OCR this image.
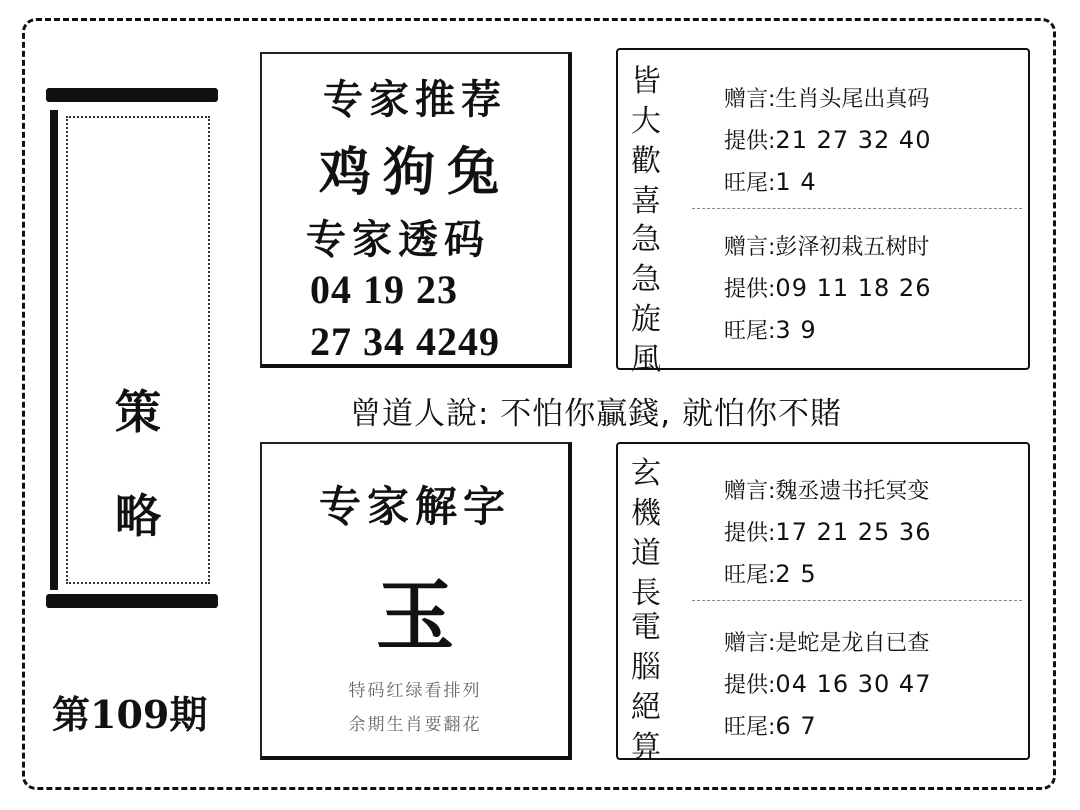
策
略
第109期
专家推荐
鸡狗兔
专家透码
04 19 23
27 34 4249
曾道人說: 不怕你贏錢, 就怕你不賭
专家解字
玉
特码红绿看排列
余期生肖要翻花
皆
大
歡
喜
急
急
旋
風
赠言:生肖头尾出真码
提供:21 27 32 40
旺尾:1 4
赠言:彭泽初栽五树时
提供:09 11 18 26
旺尾:3 9
玄
機
道
長
電
腦
絕
算
赠言:魏丞遗书托冥变
提供:17 21 25 36
旺尾:2 5
赠言:是蛇是龙自已查
提供:04 16 30 47
旺尾:6 7
